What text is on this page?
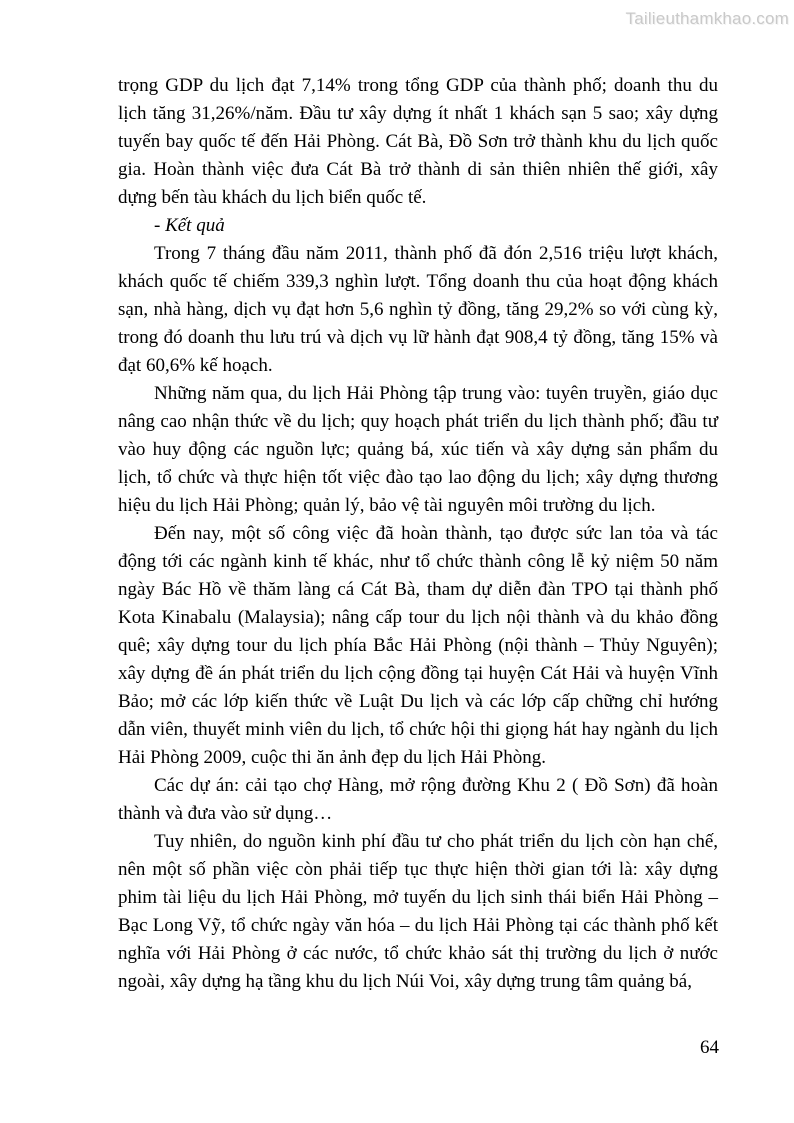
Tailieuthamkhao.com

trọng GDP du lịch đạt 7,14% trong tổng GDP của thành phố; doanh thu du lịch tăng 31,26%/năm. Đầu tư xây dựng ít nhất 1 khách sạn 5 sao; xây dựng tuyến bay quốc tế đến Hải Phòng. Cát Bà, Đồ Sơn trở thành khu du lịch quốc gia. Hoàn thành việc đưa Cát Bà trở thành di sản thiên nhiên thế giới, xây dựng bến tàu khách du lịch biển quốc tế.

- Kết quả

Trong 7 tháng đầu năm 2011, thành phố đã đón 2,516 triệu lượt khách, khách quốc tế chiếm 339,3 nghìn lượt. Tổng doanh thu của hoạt động khách sạn, nhà hàng, dịch vụ đạt hơn 5,6 nghìn tỷ đồng, tăng 29,2% so với cùng kỳ, trong đó doanh thu lưu trú và dịch vụ lữ hành đạt 908,4 tỷ đồng, tăng 15% và đạt 60,6% kế hoạch.

Những năm qua, du lịch Hải Phòng tập trung vào: tuyên truyền, giáo dục nâng cao nhận thức về du lịch; quy hoạch phát triển du lịch thành phố; đầu tư vào huy động các nguồn lực; quảng bá, xúc tiến và xây dựng sản phẩm du lịch, tổ chức và thực hiện tốt việc đào tạo lao động du lịch; xây dựng thương hiệu du lịch Hải Phòng; quản lý, bảo vệ tài nguyên môi trường du lịch.

Đến nay, một số công việc đã hoàn thành, tạo được sức lan tỏa và tác động tới các ngành kinh tế khác, như tổ chức thành công lễ kỷ niệm 50 năm ngày Bác Hồ về thăm làng cá Cát Bà, tham dự diễn đàn TPO tại thành phố Kota Kinabalu (Malaysia); nâng cấp tour du lịch nội thành và du khảo đồng quê; xây dựng tour du lịch phía Bắc Hải Phòng (nội thành – Thủy Nguyên); xây dựng đề án phát triển du lịch cộng đồng tại huyện Cát Hải và huyện Vĩnh Bảo; mở các lớp kiến thức về Luật Du lịch và các lớp cấp chững chỉ hướng dẫn viên, thuyết minh viên du lịch, tổ chức hội thi giọng hát hay ngành du lịch Hải Phòng 2009, cuộc thi ăn ảnh đẹp du lịch Hải Phòng.

Các dự án: cải tạo chợ Hàng, mở rộng đường Khu 2 ( Đồ Sơn) đã hoàn thành và đưa vào sử dụng…

Tuy nhiên, do nguồn kinh phí đầu tư cho phát triển du lịch còn hạn chế, nên một số phần việc còn phải tiếp tục thực hiện thời gian tới là: xây dựng phim tài liệu du lịch Hải Phòng, mở tuyến du lịch sinh thái biển Hải Phòng – Bạc Long Vỹ, tổ chức ngày văn hóa – du lịch Hải Phòng tại các thành phố kết nghĩa với Hải Phòng ở các nước, tổ chức khảo sát thị trường du lịch ở nước ngoài, xây dựng hạ tầng khu du lịch Núi Voi, xây dựng trung tâm quảng bá,

64
